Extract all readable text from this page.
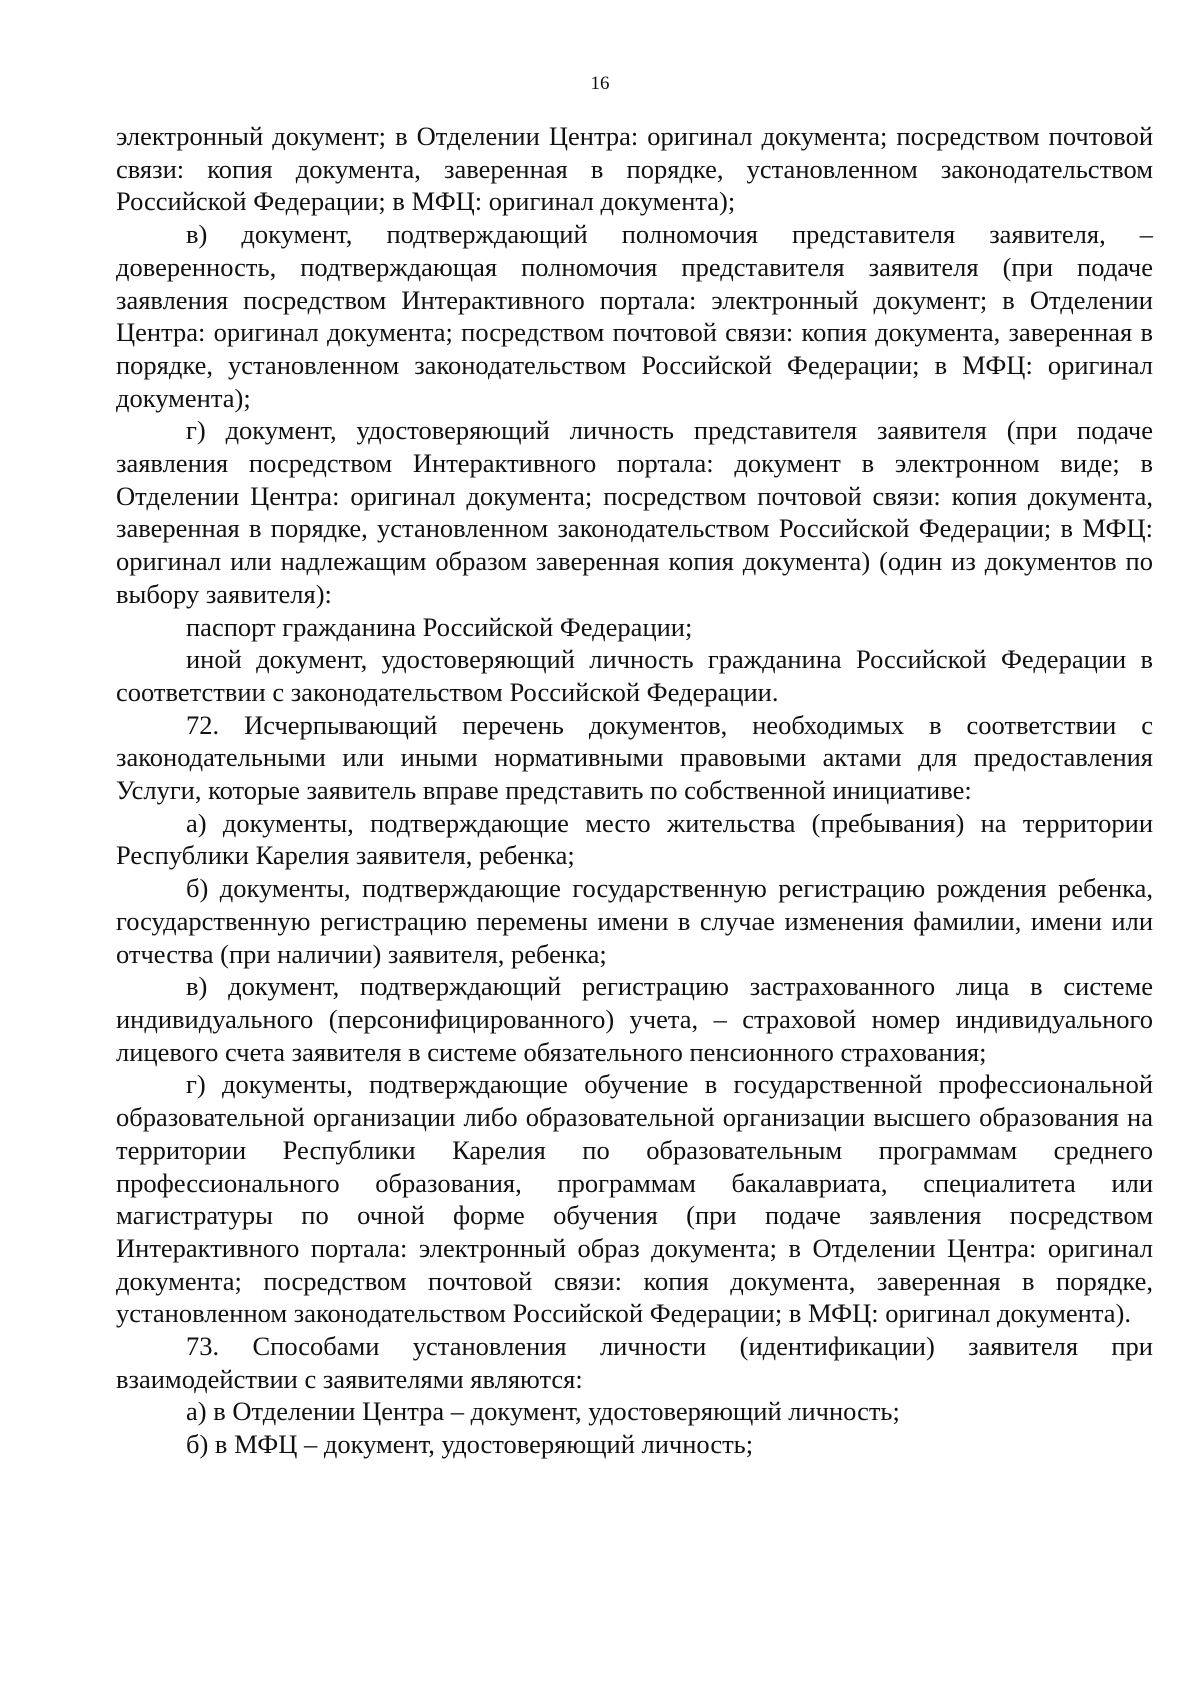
16

электронный документ; в Отделении Центра: оригинал документа; посредством почтовой связи: копия документа, заверенная в порядке, установленном законодательством Российской Федерации; в МФЦ: оригинал документа);

в) документ, подтверждающий полномочия представителя заявителя, – доверенность, подтверждающая полномочия представителя заявителя (при подаче заявления посредством Интерактивного портала: электронный документ; в Отделении Центра: оригинал документа; посредством почтовой связи: копия документа, заверенная в порядке, установленном законодательством Российской Федерации; в МФЦ: оригинал документа);

г) документ, удостоверяющий личность представителя заявителя (при подаче заявления посредством Интерактивного портала: документ в электронном виде; в Отделении Центра: оригинал документа; посредством почтовой связи: копия документа, заверенная в порядке, установленном законодательством Российской Федерации; в МФЦ: оригинал или надлежащим образом заверенная копия документа) (один из документов по выбору заявителя):

паспорт гражданина Российской Федерации;

иной документ, удостоверяющий личность гражданина Российской Федерации в соответствии с законодательством Российской Федерации.

72. Исчерпывающий перечень документов, необходимых в соответствии с законодательными или иными нормативными правовыми актами для предоставления Услуги, которые заявитель вправе представить по собственной инициативе:

а) документы, подтверждающие место жительства (пребывания) на территории Республики Карелия заявителя, ребенка;

б) документы, подтверждающие государственную регистрацию рождения ребенка, государственную регистрацию перемены имени в случае изменения фамилии, имени или отчества (при наличии) заявителя, ребенка;

в) документ, подтверждающий регистрацию застрахованного лица в системе индивидуального (персонифицированного) учета, – страховой номер индивидуального лицевого счета заявителя в системе обязательного пенсионного страхования;

г) документы, подтверждающие обучение в государственной профессиональной образовательной организации либо образовательной организации высшего образования на территории Республики Карелия по образовательным программам среднего профессионального образования, программам бакалавриата, специалитета или магистратуры по очной форме обучения (при подаче заявления посредством Интерактивного портала: электронный образ документа; в Отделении Центра: оригинал документа; посредством почтовой связи: копия документа, заверенная в порядке, установленном законодательством Российской Федерации; в МФЦ: оригинал документа).

73. Способами установления личности (идентификации) заявителя при взаимодействии с заявителями являются:

а) в Отделении Центра – документ, удостоверяющий личность;

б) в МФЦ – документ, удостоверяющий личность;
